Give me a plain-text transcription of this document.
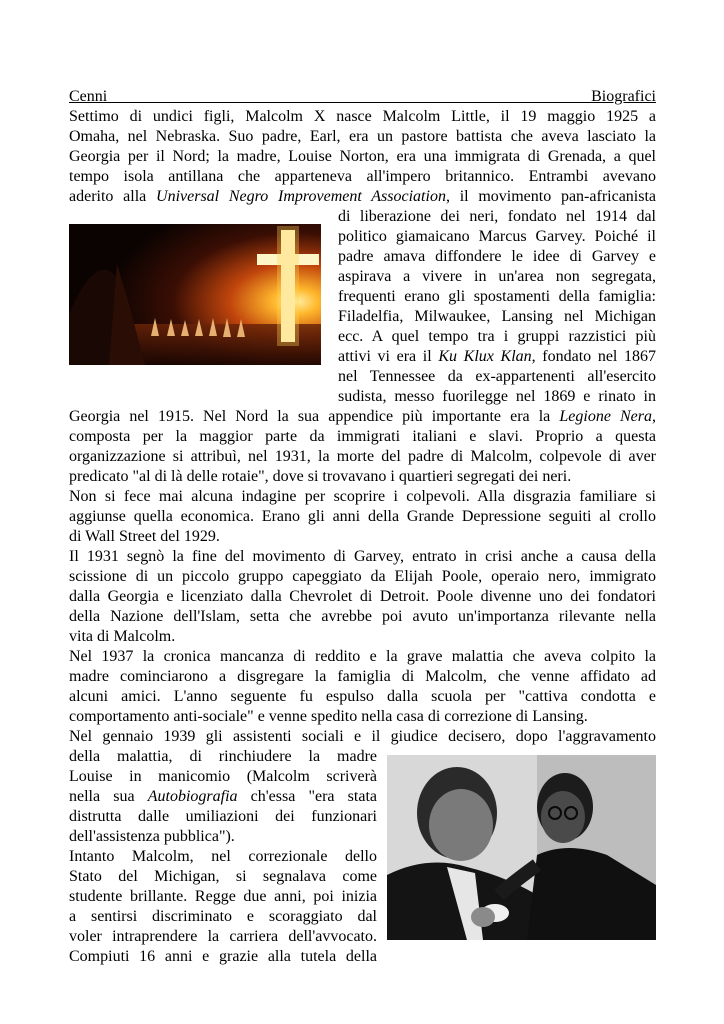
Cenni Biografici
Settimo di undici figli, Malcolm X nasce Malcolm Little, il 19 maggio 1925 a
Omaha, nel Nebraska. Suo padre, Earl, era un pastore battista che aveva lasciato la
Georgia per il Nord; la madre, Louise Norton, era una immigrata di Grenada, a quel
tempo isola antillana che apparteneva all'impero britannico. Entrambi avevano
aderito alla Universal Negro Improvement Association, il movimento pan-africanista
di liberazione dei neri, fondato nel 1914 dal
politico giamaicano Marcus Garvey. Poiché il
padre amava diffondere le idee di Garvey e
aspirava a vivere in un'area non segregata,
frequenti erano gli spostamenti della famiglia:
Filadelfia, Milwaukee, Lansing nel Michigan
ecc. A quel tempo tra i gruppi razzistici più
attivi vi era il Ku Klux Klan, fondato nel 1867
nel Tennessee da ex-appartenenti all'esercito
sudista, messo fuorilegge nel 1869 e rinato in
Georgia nel 1915. Nel Nord la sua appendice più importante era la Legione Nera,
composta per la maggior parte da immigrati italiani e slavi. Proprio a questa
organizzazione si attribuì, nel 1931, la morte del padre di Malcolm, colpevole di aver
predicato "al di là delle rotaie", dove si trovavano i quartieri segregati dei neri.
Non si fece mai alcuna indagine per scoprire i colpevoli. Alla disgrazia familiare si
aggiunse quella economica. Erano gli anni della Grande Depressione seguiti al crollo
di Wall Street del 1929.
Il 1931 segnò la fine del movimento di Garvey, entrato in crisi anche a causa della
scissione di un piccolo gruppo capeggiato da Elijah Poole, operaio nero, immigrato
dalla Georgia e licenziato dalla Chevrolet di Detroit. Poole divenne uno dei fondatori
della Nazione dell'Islam, setta che avrebbe poi avuto un'importanza rilevante nella
vita di Malcolm.
Nel 1937 la cronica mancanza di reddito e la grave malattia che aveva colpito la
madre cominciarono a disgregare la famiglia di Malcolm, che venne affidato ad
alcuni amici. L'anno seguente fu espulso dalla scuola per "cattiva condotta e
comportamento anti-sociale" e venne spedito nella casa di correzione di Lansing.
Nel gennaio 1939 gli assistenti sociali e il giudice decisero, dopo l'aggravamento
della malattia, di rinchiudere la madre
Louise in manicomio (Malcolm scriverà
nella sua Autobiografia ch'essa "era stata
distrutta dalle umiliazioni dei funzionari
dell'assistenza pubblica").
Intanto Malcolm, nel correzionale dello
Stato del Michigan, si segnalava come
studente brillante. Regge due anni, poi inizia
a sentirsi discriminato e scoraggiato dal
voler intraprendere la carriera dell'avvocato.
Compiuti 16 anni e grazie alla tutela della
